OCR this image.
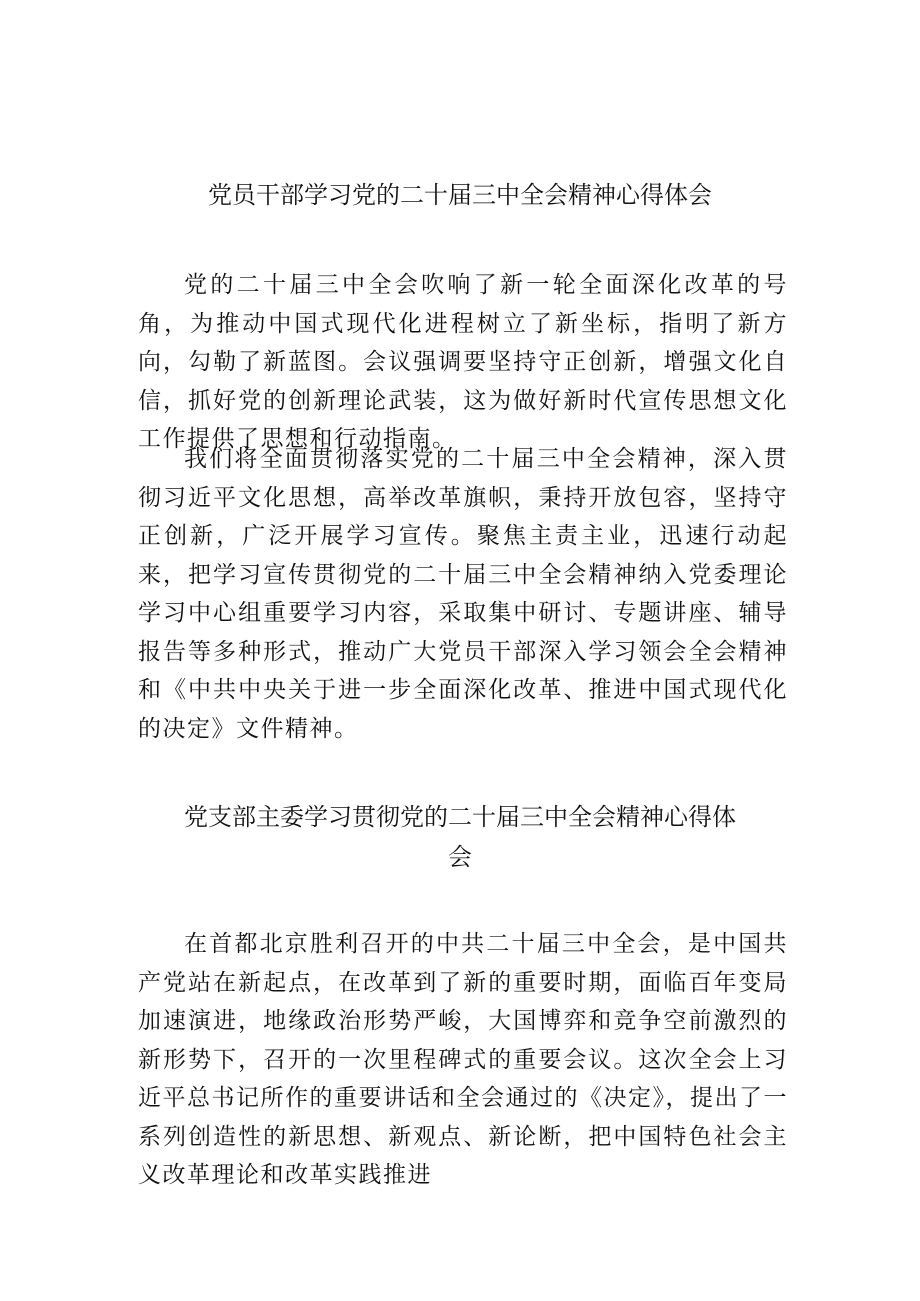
党员干部学习党的二十届三中全会精神心得体会

党的二十届三中全会吹响了新一轮全面深化改革的号角，为推动中国式现代化进程树立了新坐标，指明了新方向，勾勒了新蓝图。会议强调要坚持守正创新，增强文化自信，抓好党的创新理论武装，这为做好新时代宣传思想文化工作提供了思想和行动指南。

我们将全面贯彻落实党的二十届三中全会精神，深入贯彻习近平文化思想，高举改革旗帜，秉持开放包容，坚持守正创新，广泛开展学习宣传。聚焦主责主业，迅速行动起来，把学习宣传贯彻党的二十届三中全会精神纳入党委理论学习中心组重要学习内容，采取集中研讨、专题讲座、辅导报告等多种形式，推动广大党员干部深入学习领会全会精神和《中共中央关于进一步全面深化改革、推进中国式现代化的决定》文件精神。

党支部主委学习贯彻党的二十届三中全会精神心得体
会

在首都北京胜利召开的中共二十届三中全会，是中国共产党站在新起点，在改革到了新的重要时期，面临百年变局加速演进，地缘政治形势严峻，大国博弈和竞争空前激烈的新形势下，召开的一次里程碑式的重要会议。这次全会上习近平总书记所作的重要讲话和全会通过的《决定》，提出了一系列创造性的新思想、新观点、新论断，把中国特色社会主义改革理论和改革实践推进
